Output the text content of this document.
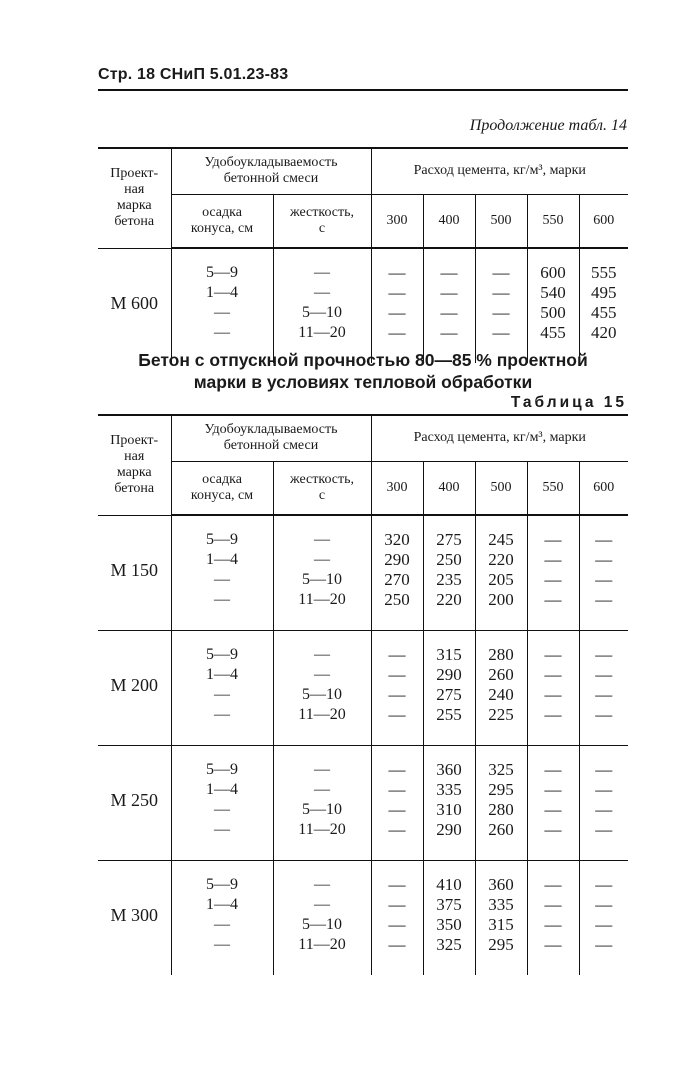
Стр. 18 СНиП 5.01.23-83
Продолжение табл. 14
Проект-
ная
марка
бетона	Удобоукладываемость
бетонной смеси		Расход цемента, кг/м³, марки				

	осадка
конуса, см	жесткость,
с	300	400	500	550	600
М 600	5—9
1—4
—
—	—
—
5—10
11—20	—
—
—
—	—
—
—
—	—
—
—
—	600
540
500
455	555
495
455
420
Бетон с отпускной прочностью 80—85 % проектной
марки в условиях тепловой обработки
Таблица 15
Проект-
ная
марка
бетона	Удобоукладываемость
бетонной смеси		Расход цемента, кг/м³, марки				

	осадка
конуса, см	жесткость,
с	300	400	500	550	600
М 150	5—9
1—4
—
—	—
—
5—10
11—20	320
290
270
250	275
250
235
220	245
220
205
200	—
—
—
—	—
—
—
—

М 200	5—9
1—4
—
—	—
—
5—10
11—20	—
—
—
—	315
290
275
255	280
260
240
225	—
—
—
—	—
—
—
—

М 250	5—9
1—4
—
—	—
—
5—10
11—20	—
—
—
—	360
335
310
290	325
295
280
260	—
—
—
—	—
—
—
—

М 300	5—9
1—4
—
—	—
—
5—10
11—20	—
—
—
—	410
375
350
325	360
335
315
295	—
—
—
—	—
—
—
—
